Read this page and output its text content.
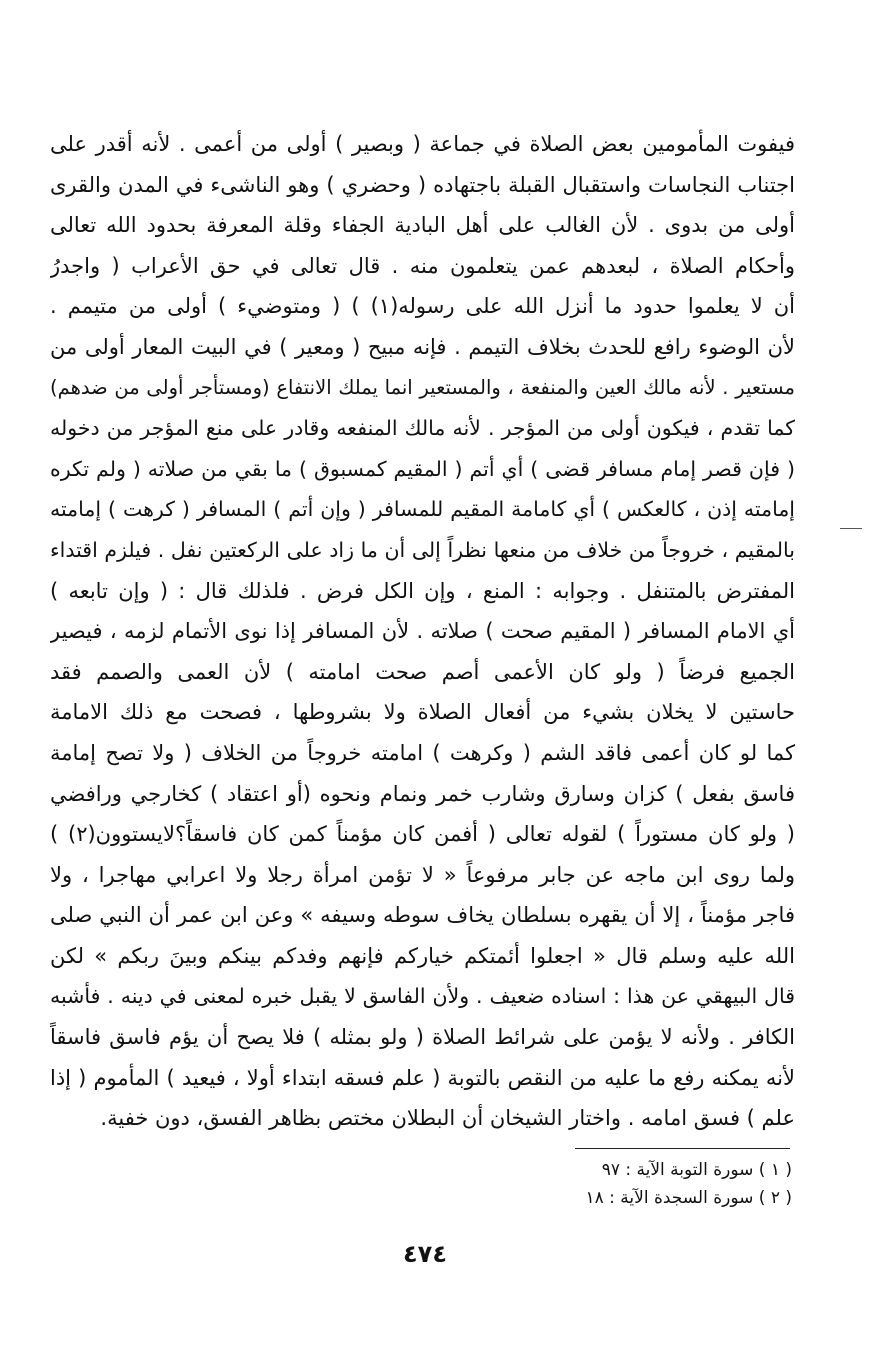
فيفوت المأمومين بعض الصلاة في جماعة ( وبصير ) أولى من أعمى . لأنه أقدر على
اجتناب النجاسات واستقبال القبلة باجتهاده ( وحضري ) وهو الناشىء في المدن والقرى
أولى من بدوى . لأن الغالب على أهل البادية الجفاء وقلة المعرفة بحدود الله تعالى
وأحكام الصلاة ، لبعدهم عمن يتعلمون منه . قال تعالى في حق الأعراب ( واجدرُ
أن لا يعلموا حدود ما أنزل الله على رسوله(١) ) ( ومتوضيء ) أولى من متيمم .
لأن الوضوء رافع للحدث بخلاف التيمم . فإنه مبيح ( ومعير ) في البيت المعار أولى من
مستعير . لأنه مالك العين والمنفعة ، والمستعير انما يملك الانتفاع (ومستأجر أولى من ضدهم)
كما تقدم ، فيكون أولى من المؤجر . لأنه مالك المنفعه وقادر على منع المؤجر من دخوله
( فإن قصر إمام مسافر قضى ) أي أتم ( المقيم كمسبوق ) ما بقي من صلاته ( ولم تكره
إمامته إذن ، كالعكس ) أي كامامة المقيم للمسافر ( وإن أتم ) المسافر ( كرهت ) إمامته
بالمقيم ، خروجاً من خلاف من منعها نظراً إلى أن ما زاد على الركعتين نفل . فيلزم اقتداء
المفترض بالمتنفل . وجوابه : المنع ، وإن الكل فرض . فلذلك قال : ( وإن تابعه )
أي الامام المسافر ( المقيم صحت ) صلاته . لأن المسافر إذا نوى الأتمام لزمه ، فيصير
الجميع فرضاً ( ولو كان الأعمى أصم صحت امامته ) لأن العمى والصمم فقد
حاستين لا يخلان بشيء من أفعال الصلاة ولا بشروطها ، فصحت مع ذلك الامامة
كما لو كان أعمى فاقد الشم ( وكرهت ) امامته خروجاً من الخلاف ( ولا تصح إمامة
فاسق بفعل ) كزان وسارق وشارب خمر ونمام ونحوه (أو اعتقاد ) كخارجي ورافضي
( ولو كان مستوراً ) لقوله تعالى ( أفمن كان مؤمناً كمن كان فاسقاً؟لايستوون(٢) )
ولما روى ابن ماجه عن جابر مرفوعاً « لا تؤمن امرأة رجلا ولا اعرابي مهاجرا ، ولا
فاجر مؤمناً ، إلا أن يقهره بسلطان يخاف سوطه وسيفه » وعن ابن عمر أن النبي صلى
الله عليه وسلم قال « اجعلوا أئمتكم خياركم فإنهم وفدكم بينكم وبينَ ربكم » لكن
قال البيهقي عن هذا : اسناده ضعيف . ولأن الفاسق لا يقبل خبره لمعنى في دينه . فأشبه
الكافر . ولأنه لا يؤمن على شرائط الصلاة ( ولو بمثله ) فلا يصح أن يؤم فاسق فاسقاً
لأنه يمكنه رفع ما عليه من النقص بالتوبة ( علم فسقه ابتداء أولا ، فيعيد ) المأموم ( إذا
علم ) فسق امامه . واختار الشيخان أن البطلان مختص بظاهر الفسق، دون خفية.
( ١ ) سورة التوبة الآية : ٩٧
( ٢ ) سورة السجدة الآية : ١٨
٤٧٤
